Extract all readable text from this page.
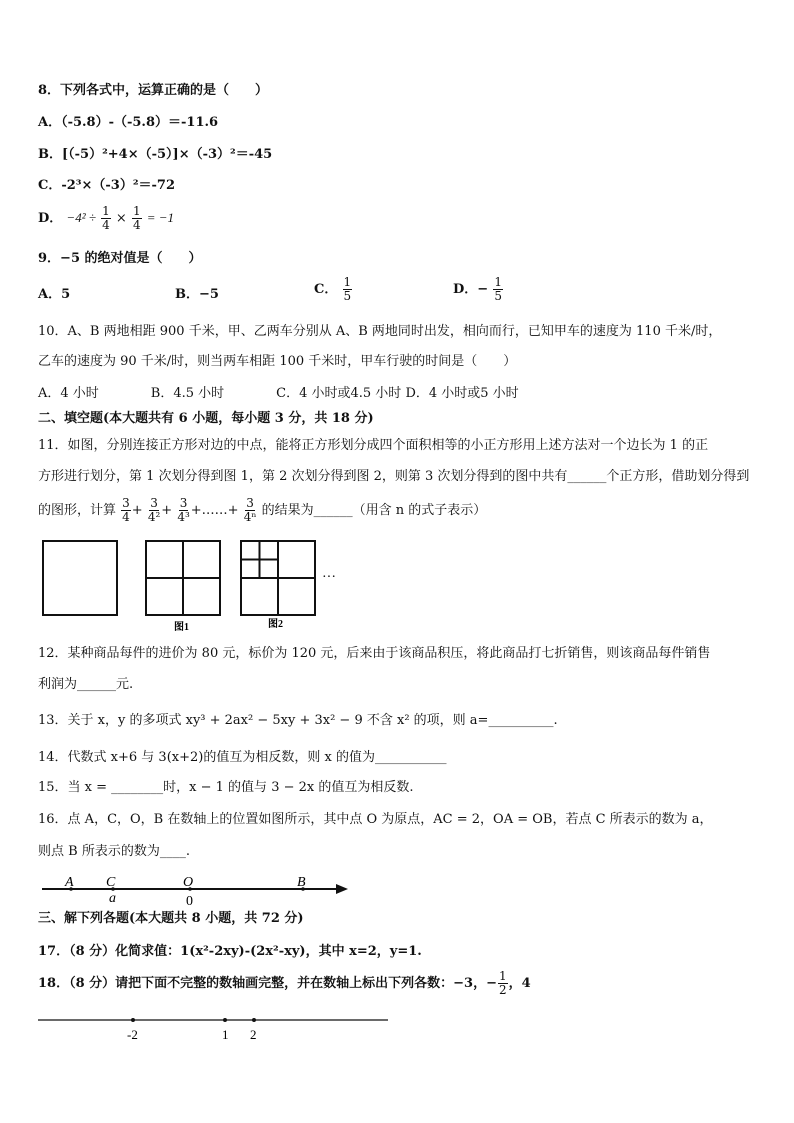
8．下列各式中，运算正确的是（　　）
A．（-5.8）-（-5.8）＝-11.6
B．[（-5）²+4×（-5）]×（-3）²＝-45
C．-2³×（-3）²＝-72
D． $-4^2 \div \frac{1}{4} \times \frac{1}{4} = -1$
9．−5 的绝对值是（　　）
A．5	B．−5	C． $\frac{1}{5}$	D．− $\frac{1}{5}$
10．A、B 两地相距 900 千米，甲、乙两车分别从 A、B 两地同时出发，相向而行，已知甲车的速度为 110 千米/时，
乙车的速度为 90 千米/时，则当两车相距 100 千米时，甲车行驶的时间是（　　）
A．4 小时　　　　B．4.5 小时　　　　C．4 小时或4.5 小时 D．4 小时或5 小时
二、填空题(本大题共有 6 小题，每小题 3 分，共 18 分)
11．如图，分别连接正方形对边的中点，能将正方形划分成四个面积相等的小正方形用上述方法对一个边长为 1 的正
方形进行划分，第 1 次划分得到图 1，第 2 次划分得到图 2，则第 3 次划分得到的图中共有______个正方形，借助划分得到
的图形，计算 $\frac{3}{4} + \frac{3}{\text{4²}} + \frac{3}{\text{4³}}$ +……+ $\frac{3}{\text{4ⁿ}}$ 的结果为______（用含 n 的式子表示）
···
图1	图2
12．某种商品每件的进价为 80 元，标价为 120 元，后来由于该商品积压，将此商品打七折销售，则该商品每件销售
利润为______元.
13．关于 x，y 的多项式 xy³ + 2ax² − 5xy + 3x² − 9 不含 x² 的项，则 a=__________.
14．代数式 x+6 与 3(x+2)的值互为相反数，则 x 的值为___________
15．当 x = ________时，x − 1 的值与 3 − 2x 的值互为相反数.
16．点 A，C，O，B 在数轴上的位置如图所示，其中点 O 为原点，AC = 2，OA = OB，若点 C 所表示的数为 a，
则点 B 所表示的数为____.
A C	O	B
a	0
三、解下列各题(本大题共 8 小题，共 72 分)
17．（8 分）化简求值：1(x²-2xy)-(2x²-xy)，其中 x=2，y=1.
18．（8 分）请把下面不完整的数轴画完整，并在数轴上标出下列各数：−3，− $\frac{1}{2}$ ，4
-2	1 2
